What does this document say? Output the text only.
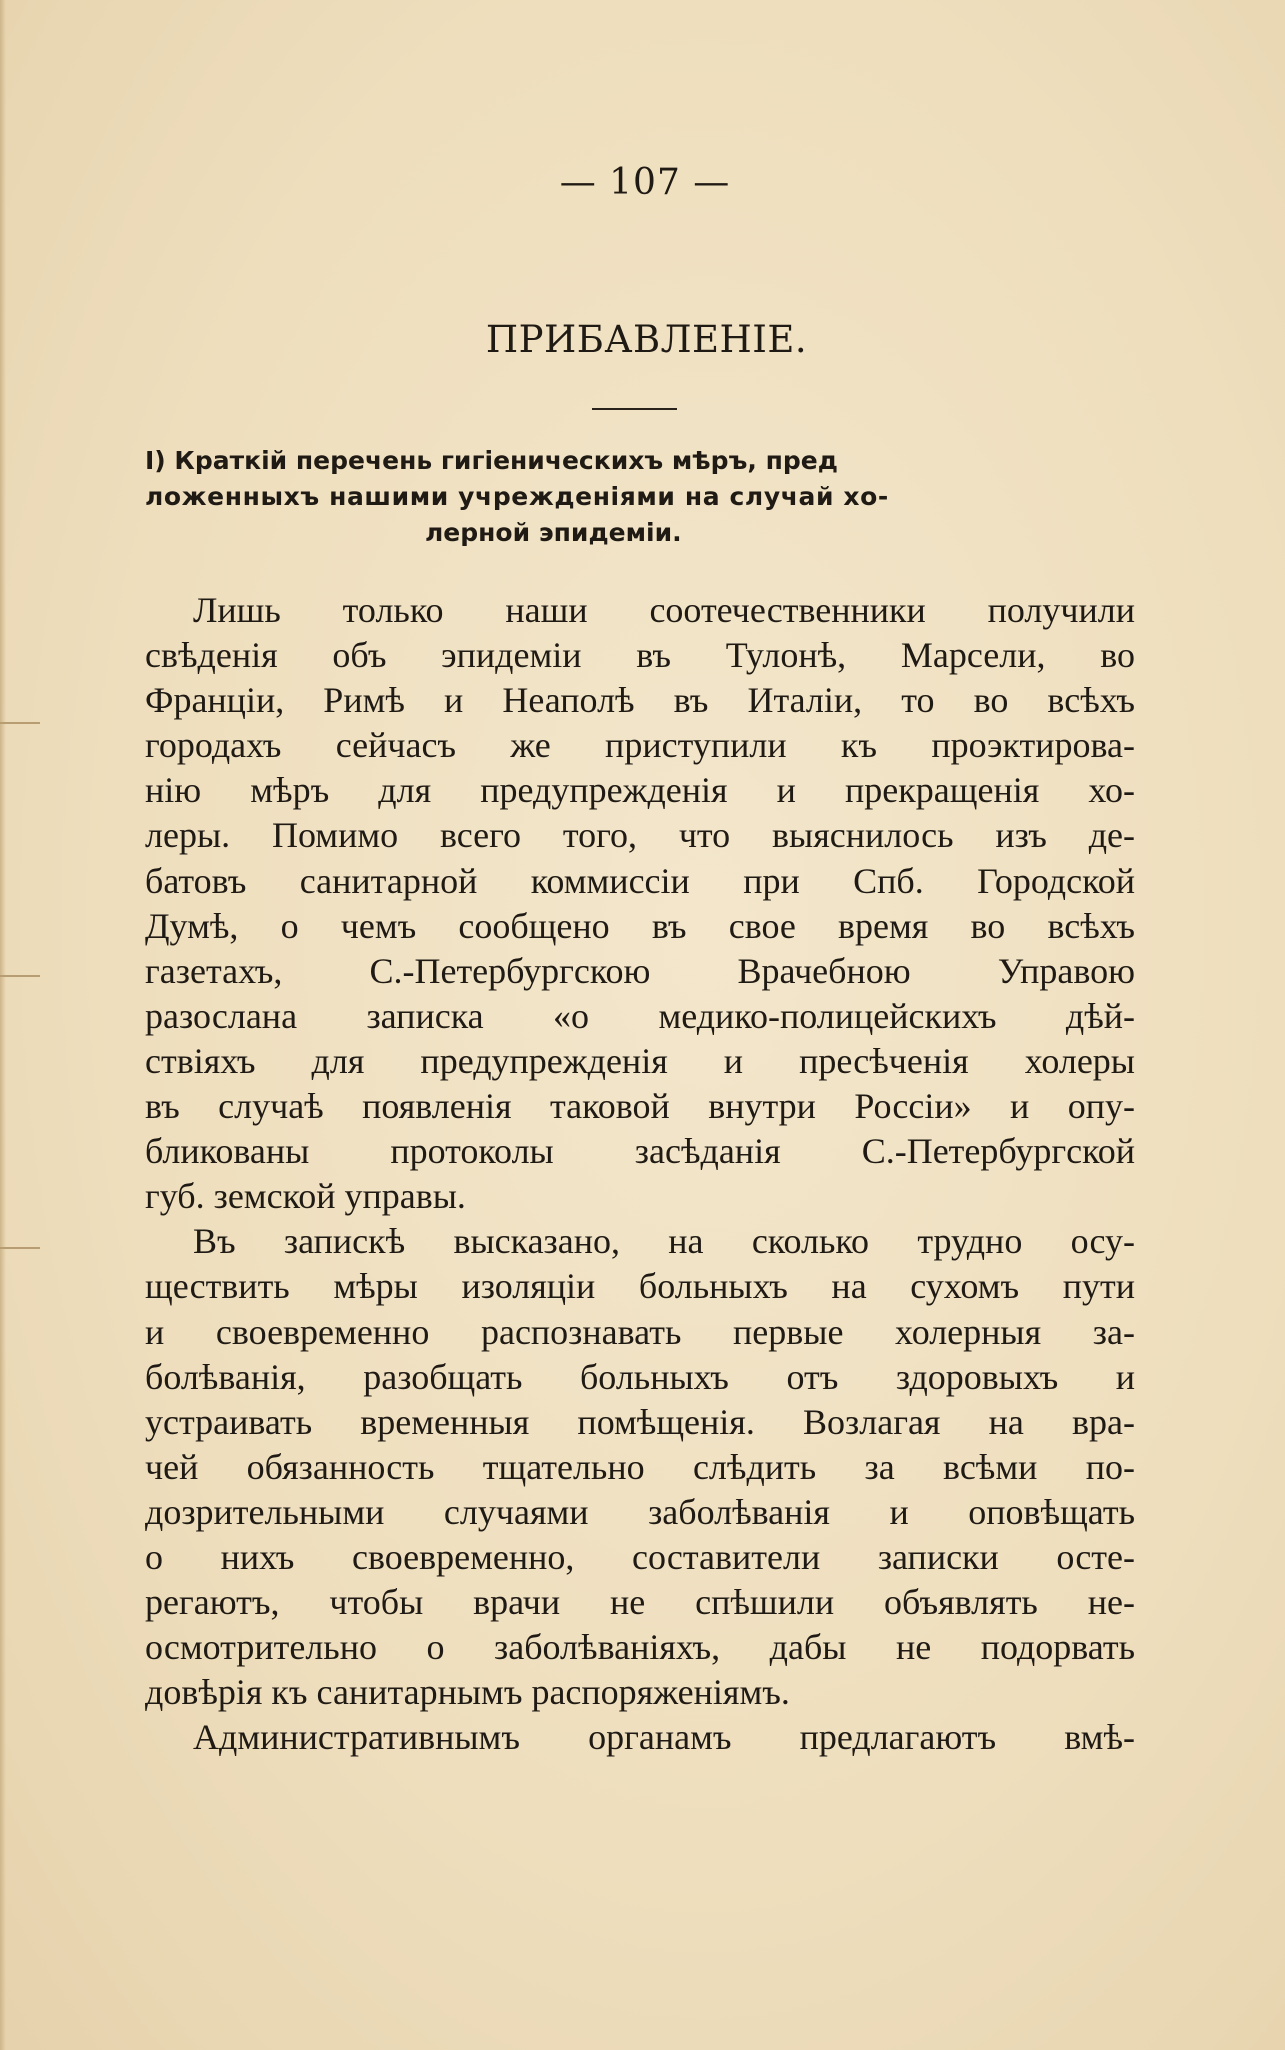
— 107 —
ПРИБАВЛЕНІЕ.
I) Краткій перечень гигіеническихъ мѣръ, пред
ложенныхъ нашими учрежденіями на случай хо-
лерной эпидеміи.
Лишь только наши соотечественники получили
свѣденія объ эпидеміи въ Тулонѣ, Марсели, во
Франціи, Римѣ и Неаполѣ въ Италіи, то во всѣхъ
городахъ сейчасъ же приступили къ проэктирова-
нію мѣръ для предупрежденія и прекращенія хо-
леры. Помимо всего того, что выяснилось изъ де-
батовъ санитарной коммиссіи при Спб. Городской
Думѣ, о чемъ сообщено въ свое время во всѣхъ
газетахъ, С.-Петербургскою Врачебною Управою
разослана записка «о медико-полицейскихъ дѣй-
ствіяхъ для предупрежденія и пресѣченія холеры
въ случаѣ появленія таковой внутри Россіи» и опу-
бликованы протоколы засѣданія С.-Петербургской
губ. земской управы.
Въ запискѣ высказано, на сколько трудно осу-
ществить мѣры изоляціи больныхъ на сухомъ пути
и своевременно распознавать первые холерныя за-
болѣванія, разобщать больныхъ отъ здоровыхъ и
устраивать временныя помѣщенія. Возлагая на вра-
чей обязанность тщательно слѣдить за всѣми по-
дозрительными случаями заболѣванія и оповѣщать
о нихъ своевременно, составители записки осте-
регаютъ, чтобы врачи не спѣшили объявлять не-
осмотрительно о заболѣваніяхъ, дабы не подорвать
довѣрія къ санитарнымъ распоряженіямъ.
Административнымъ органамъ предлагаютъ вмѣ-
